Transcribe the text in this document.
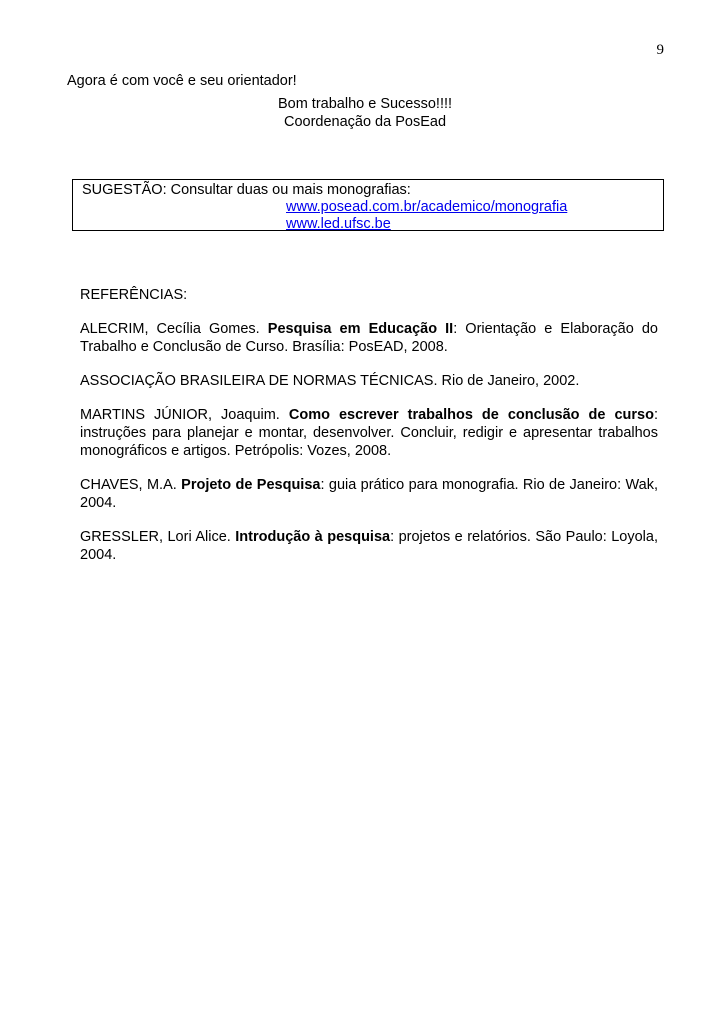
9
Agora é com você e seu orientador!
Bom trabalho e Sucesso!!!!
Coordenação da PosEad
SUGESTÃO: Consultar duas ou mais monografias:
www.posead.com.br/academico/monografia
www.led.ufsc.be

REFERÊNCIAS:

ALECRIM, Cecília Gomes. Pesquisa em Educação II: Orientação e Elaboração do Trabalho e Conclusão de Curso. Brasília: PosEAD, 2008.

ASSOCIAÇÃO BRASILEIRA DE NORMAS TÉCNICAS. Rio de Janeiro, 2002.

MARTINS JÚNIOR, Joaquim. Como escrever trabalhos de conclusão de curso: instruções para planejar e montar, desenvolver. Concluir, redigir e apresentar trabalhos monográficos e artigos. Petrópolis: Vozes, 2008.

CHAVES, M.A. Projeto de Pesquisa: guia prático para monografia. Rio de Janeiro: Wak, 2004.

GRESSLER, Lori Alice. Introdução à pesquisa: projetos e relatórios. São Paulo: Loyola, 2004.
